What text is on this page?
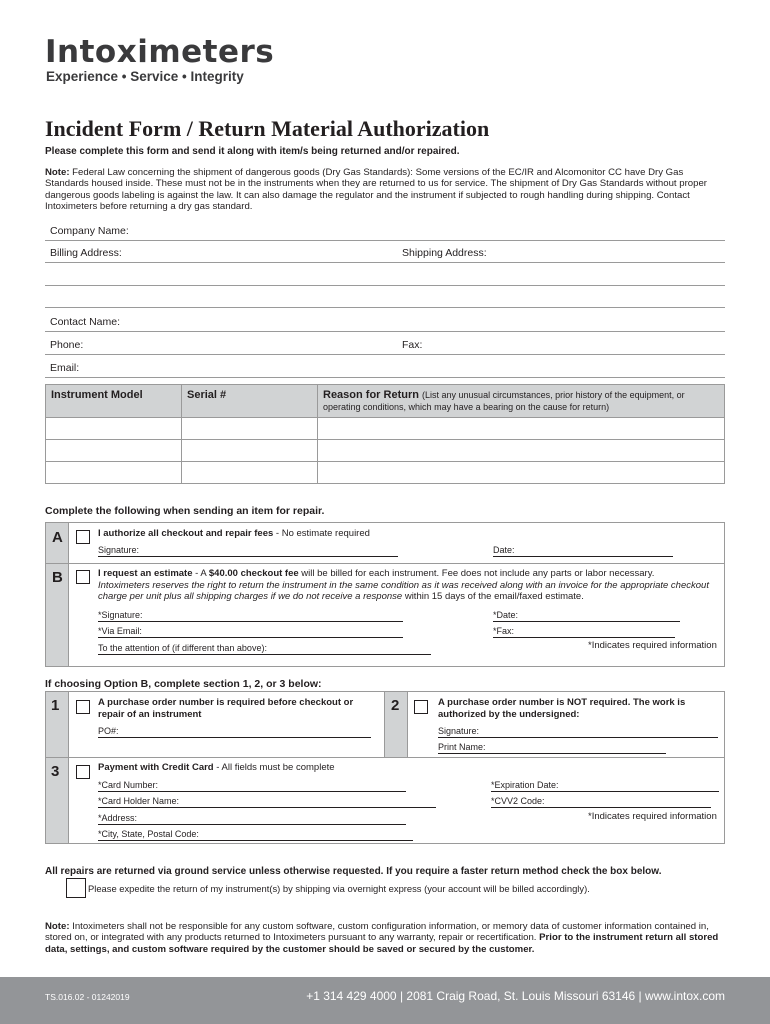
Intoximeters
Experience • Service • Integrity
Incident Form / Return Material Authorization
Please complete this form and send it along with item/s being returned and/or repaired.
Note: Federal Law concerning the shipment of dangerous goods (Dry Gas Standards): Some versions of the EC/IR and Alcomonitor CC have Dry Gas Standards housed inside. These must not be in the instruments when they are returned to us for service. The shipment of Dry Gas Standards without proper dangerous goods labeling is against the law. It can also damage the regulator and the instrument if subjected to rough handling during shipping. Contact Intoximeters before returning a dry gas standard.
Company Name:
Billing Address:	Shipping Address:
Contact Name:
Phone:	Fax:
Email:
Instrument Model	Serial #	Reason for Return (List any unusual circumstances, prior history of the equipment, or operating conditions, which may have a bearing on the cause for return)

Complete the following when sending an item for repair.
A	I authorize all checkout and repair fees - No estimate required
Signature:	Date:
B	I request an estimate - A $40.00 checkout fee will be billed for each instrument. Fee does not include any parts or labor necessary.
Intoximeters reserves the right to return the instrument in the same condition as it was received along with an invoice for the appropriate checkout charge per unit plus all shipping charges if we do not receive a response within 15 days of the email/faxed estimate.
*Signature:	*Date:
*Via Email:	*Fax:
To the attention of (if different than above):	*Indicates required information
If choosing Option B, complete section 1, 2, or 3 below:
1	A purchase order number is required before checkout or repair of an instrument
PO#:
2	A purchase order number is NOT required. The work is authorized by the undersigned:
Signature:
Print Name:
3	Payment with Credit Card - All fields must be complete
*Card Number:	*Expiration Date:
*Card Holder Name:	*CVV2 Code:
*Address:	*Indicates required information
*City, State, Postal Code:
All repairs are returned via ground service unless otherwise requested. If you require a faster return method check the box below.
Please expedite the return of my instrument(s) by shipping via overnight express (your account will be billed accordingly).
Note: Intoximeters shall not be responsible for any custom software, custom configuration information, or memory data of customer information contained in, stored on, or integrated with any products returned to Intoximeters pursuant to any warranty, repair or recertification. Prior to the instrument return all stored data, settings, and custom software required by the customer should be saved or secured by the customer.
TS.016.02 - 01242019	+1 314 429 4000 | 2081 Craig Road, St. Louis Missouri 63146 | www.intox.com
